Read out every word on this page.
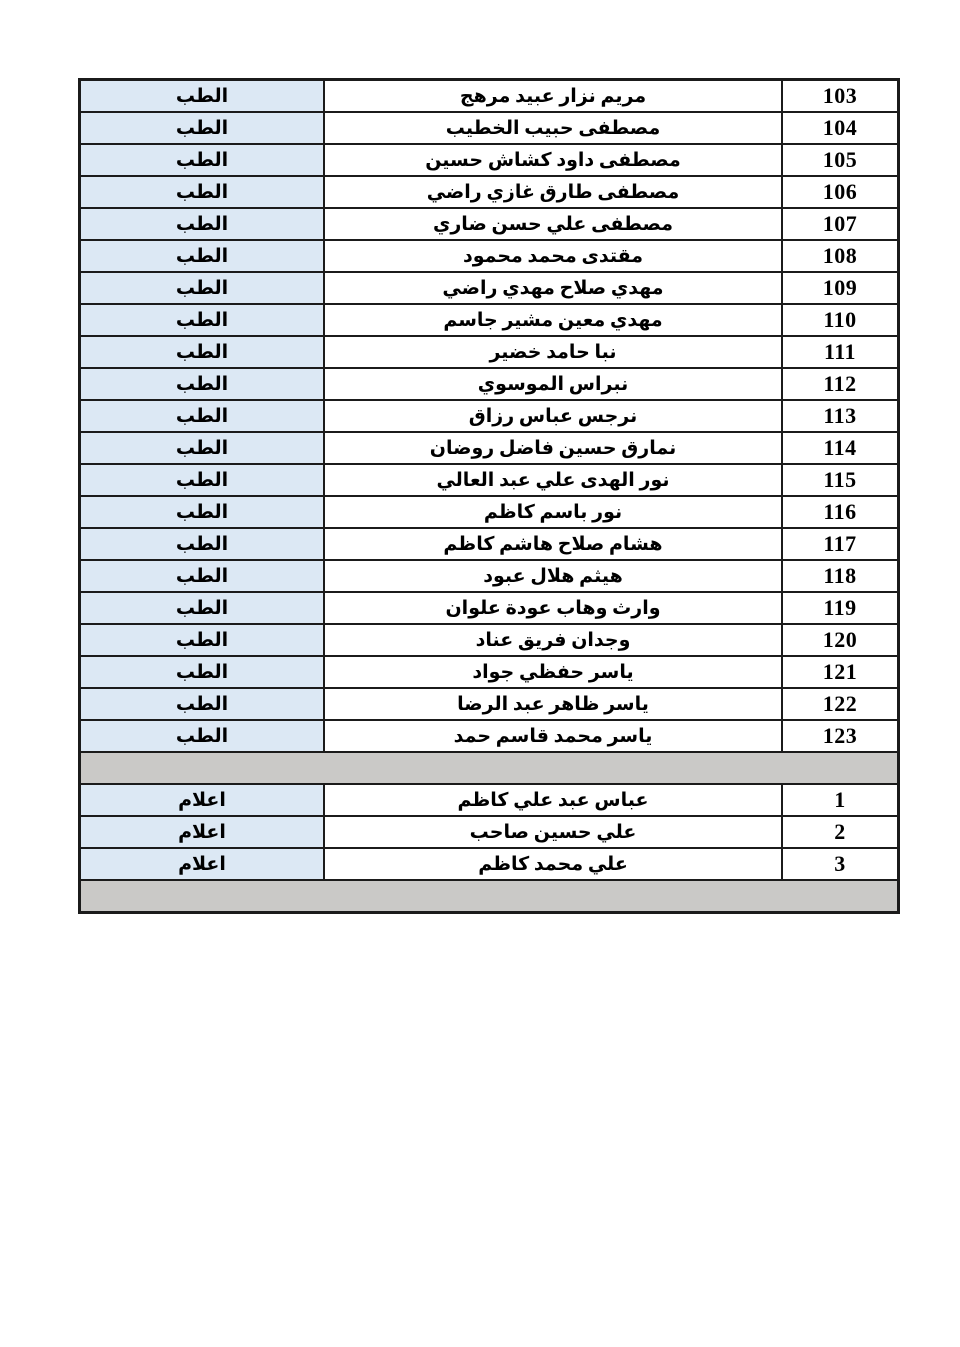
103	مريم نزار عبيد مرهج	الطب
104	مصطفى حبيب الخطيب	الطب
105	مصطفى داود كشاش حسين	الطب
106	مصطفى طارق غازي راضي	الطب
107	مصطفى علي حسن ضاري	الطب
108	مقتدى محمد محمود	الطب
109	مهدي صلاح مهدي راضي	الطب
110	مهدي معين مشير جاسم	الطب
111	نبا حامد خضير	الطب
112	نبراس الموسوي	الطب
113	نرجس عباس رزاق	الطب
114	نمارق حسين فاضل روضان	الطب
115	نور الهدى علي عبد العالي	الطب
116	نور باسم كاظم	الطب
117	هشام صلاح هاشم كاظم	الطب
118	هيثم هلال عبود	الطب
119	وارث وهاب عودة علوان	الطب
120	وجدان فريق عناد	الطب
121	ياسر حفظي جواد	الطب
122	ياسر ظاهر عبد الرضا	الطب
123	ياسر محمد قاسم حمد	الطب

1	عباس عبد علي كاظم	اعلام
2	علي حسين صاحب	اعلام
3	علي محمد كاظم	اعلام
